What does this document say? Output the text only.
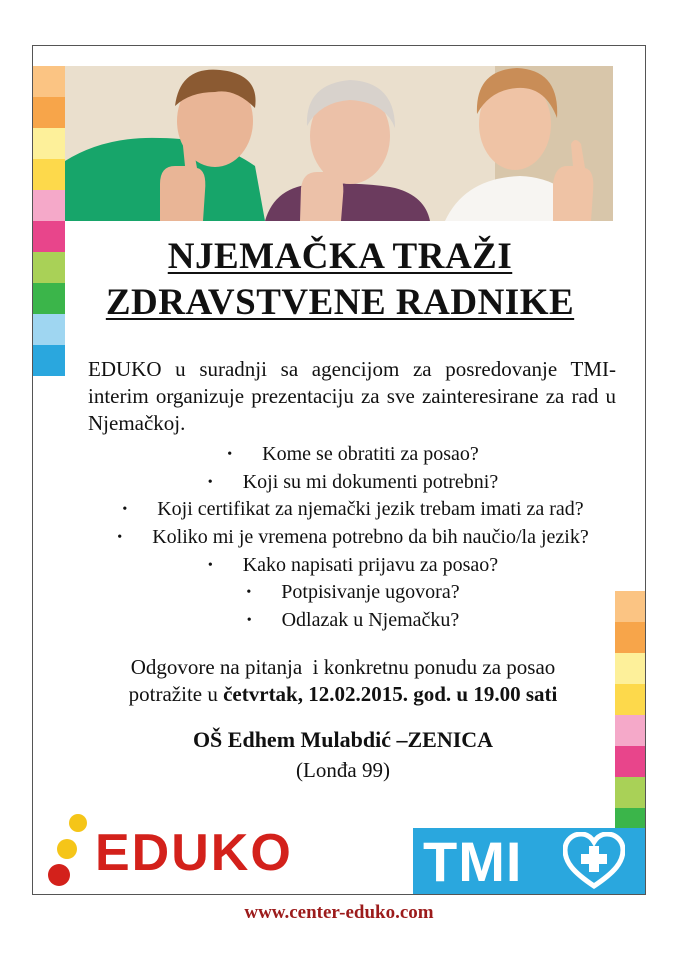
NJEMAČKA TRAŽI
ZDRAVSTVENE RADNIKE
EDUKO u suradnji sa agencijom za posredovanje TMI-interim organizuje prezentaciju za sve zainteresirane za rad u Njemačkoj.
• Kome se obratiti za posao?
• Koji su mi dokumenti potrebni?
• Koji certifikat za njemački jezik trebam imati za rad?
• Koliko mi je vremena potrebno da bih naučio/la jezik?
• Kako napisati prijavu za posao?
• Potpisivanje ugovora?
• Odlazak u Njemačku?
Odgovore na pitanja  i konkretnu ponudu za posao
potražite u četvrtak, 12.02.2015. god. u 19.00 sati
OŠ Edhem Mulabdić –ZENICA
(Lonđa 99)
EDUKO TMI
www.center-eduko.com
